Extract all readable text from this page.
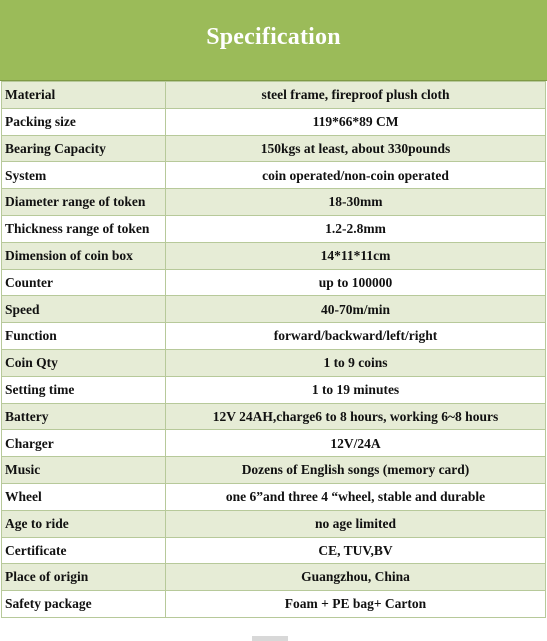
Specification
Material	steel frame, fireproof plush cloth
Packing size	119*66*89 CM
Bearing Capacity	150kgs at least, about 330pounds
System	coin operated/non-coin operated
Diameter range of token	18-30mm
Thickness range of token	1.2-2.8mm
Dimension of coin box	14*11*11cm
Counter	up to 100000
Speed	40-70m/min
Function	forward/backward/left/right
Coin Qty	1 to 9 coins
Setting time	1 to 19 minutes
Battery	12V 24AH,charge6 to 8 hours, working 6~8 hours
Charger	12V/24A
Music	Dozens of English songs (memory card)
Wheel	one 6”and three 4 “wheel, stable and durable
Age to ride	no age limited
Certificate	CE, TUV,BV
Place of origin	Guangzhou, China
Safety package	Foam + PE bag+ Carton
